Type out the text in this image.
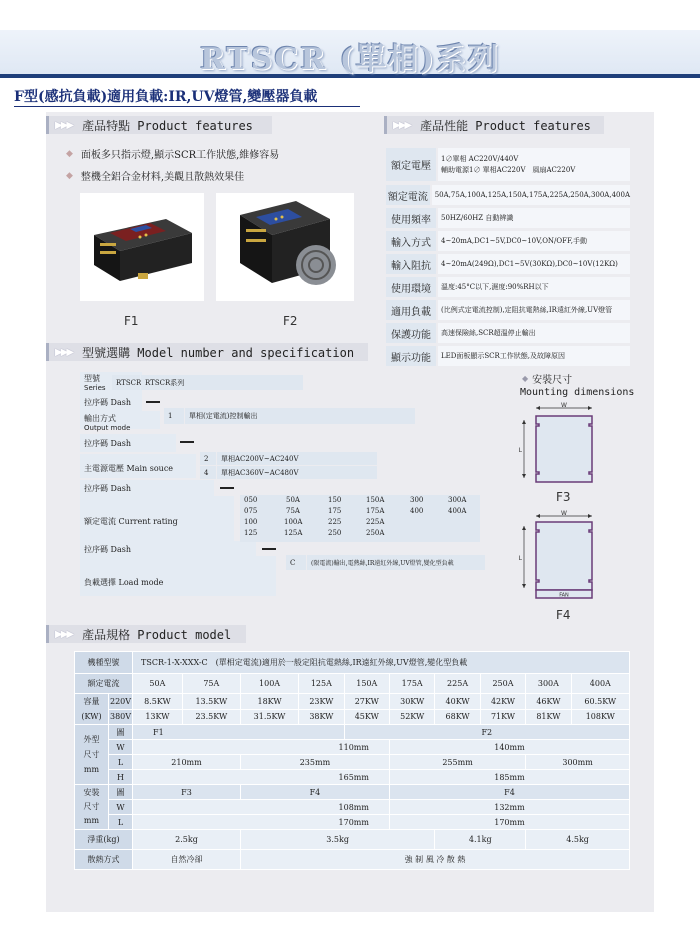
RTSCR (單相)系列
F型(感抗負載)適用負載:IR,UV燈管,變壓器負載
▶▶▶ 產品特點 Product features
◆ 面板多只指示燈,顯示SCR工作狀態,維修容易
◆ 整機全鋁合金材料,美觀且散熱效果佳
F1	F2
▶▶▶ 產品性能 Product features
額定電壓
1∅單相 AC220V/440V
輔助電源1∅ 單相AC220V　風扇AC220V
額定電流 50A,75A,100A,125A,150A,175A,225A,250A,300A,400A
使用頻率	50HZ/60HZ 自動辨識
輸入方式	4~20mA,DC1~5V,DC0~10V,ON/OFF,手動
輸入阻抗	4~20mA(249Ω),DC1~5V(30KΩ),DC0~10V(12KΩ)
使用環境	溫度:45°C以下,濕度:90%RH以下
適用負載	(比例式定電流控制),定阻抗電熱絲,IR遠紅外線,UV燈管
保護功能	高速保險絲,SCR超溫停止輸出
顯示功能	LED面板顯示SCR工作狀態,及故障原因
▶▶▶ 型號選購 Model number and specification
型號
Series
RTSCR RTSCR系列
拉序碼 Dash
輸出方式
Output mode
1	單相(定電流)控制輸出
拉序碼 Dash
2	單相AC200V~AC240V
主電源電壓 Main souce	4	單相AC360V~AC480V
拉序碼 Dash
額定電流 Current rating
050	50A	150	150A	300	300A
075	75A	175	175A	400	400A
100	100A	225	225A
125	125A	250	250A
拉序碼 Dash
C	(限電流)輸出,電熱絲,IR遠紅外線,UV燈管,變化型負載
負載選擇 Load mode
◆ 安裝尺寸
Mounting dimensions
W
L
F3
W
L
FAN
F4
▶▶▶ 產品規格 Product model
機種型號		TSCR-1-X-XXX-C　(單相定電流)適用於一般定阻抗電熱絲,IR遠紅外線,UV燈管,變化型負載									
額定電流		50A	75A	100A	125A	150A	175A	225A	250A	300A	400A
容量
(KW)	220V	8.5KW	13.5KW	18KW	23KW	27KW	30KW	40KW	42KW	46KW	60.5KW
	380V	13KW	23.5KW	31.5KW	38KW	45KW	52KW	68KW	71KW	81KW	108KW
外型
尺寸
mm	圖	F1				F2					
	W	110mm					140mm				
	L	210mm		235mm			255mm			300mm	
	H	165mm					185mm				
安裝
尺寸
mm	圖	F3		F4			F4				
	W	108mm					132mm				
	L	170mm					170mm				
淨重(kg)		2.5kg		3.5kg				4.1kg		4.5kg	
散熱方式		自然冷卻		強 制 風 冷 散 熱							
